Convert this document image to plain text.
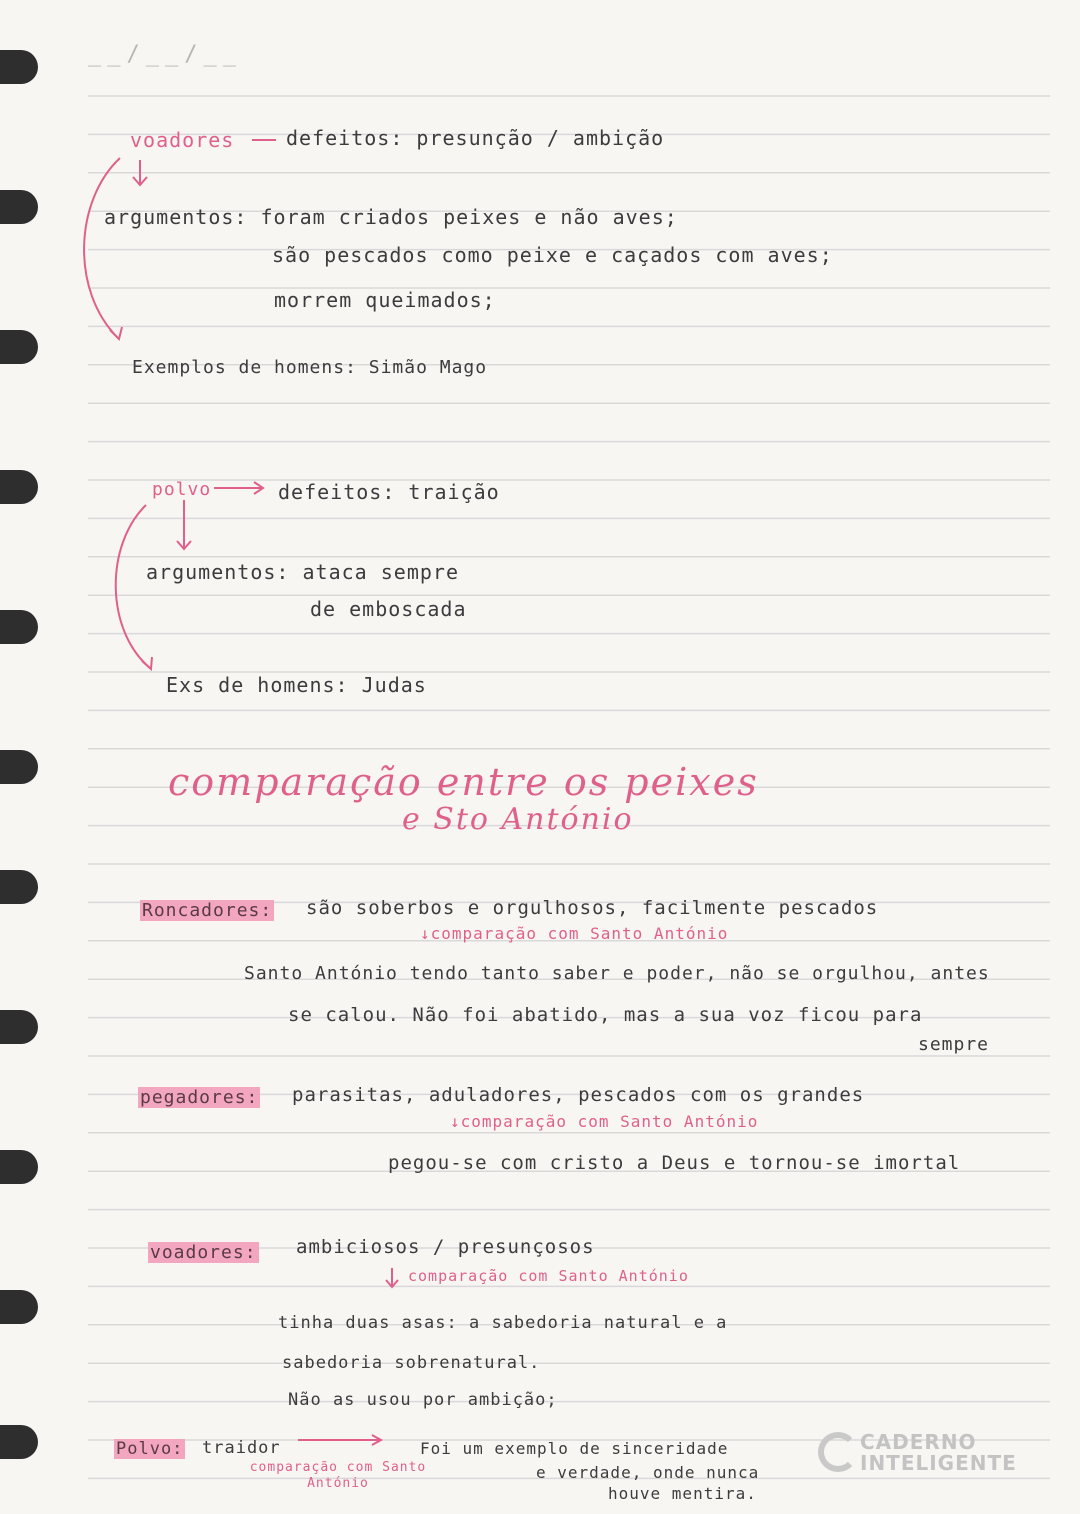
__/__/__
voadores	defeitos: presunção / ambição
argumentos: foram criados peixes e não aves;
são pescados como peixe e caçados com aves;
morrem queimados;
Exemplos de homens: Simão Mago
polvo	defeitos: traição
argumentos: ataca sempre
de emboscada
Exs de homens: Judas
comparação entre os peixes
e Sto António
Roncadores: são soberbos e orgulhosos, facilmente pescados
↓comparação com Santo António
Santo António tendo tanto saber e poder, não se orgulhou, antes
se calou. Não foi abatido, mas a sua voz ficou para
sempre
pegadores: parasitas, aduladores, pescados com os grandes
↓comparação com Santo António
pegou-se com cristo a Deus e tornou-se imortal
voadores: ambiciosos / presunçosos
comparação com Santo António
tinha duas asas: a sabedoria natural e a
sabedoria sobrenatural.
Não as usou por ambição;
Polvo: traidor
comparação com Santo António
Foi um exemplo de sinceridade
e verdade, onde nunca
houve mentira.
CADERNO
INTELIGENTE
